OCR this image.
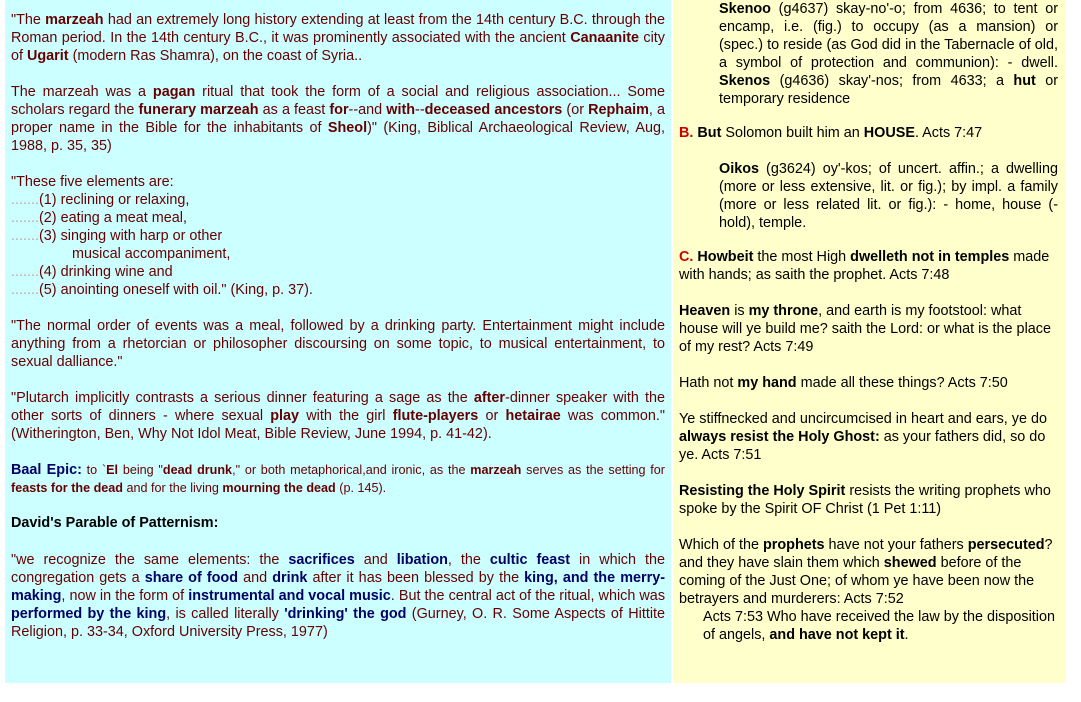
"The marzeah had an extremely long history extending at least from the 14th century B.C. through the Roman period. In the 14th century B.C., it was prominently associated with the ancient Canaanite city of Ugarit (modern Ras Shamra), on the coast of Syria..

The marzeah was a pagan ritual that took the form of a social and religious association... Some scholars regard the funerary marzeah as a feast for--and with--deceased ancestors (or Rephaim, a proper name in the Bible for the inhabitants of Sheol)" (King, Biblical Archaeological Review, Aug, 1988, p. 35, 35)

"These five elements are:

.......(1) reclining or relaxing,

.......(2) eating a meat meal,

.......(3) singing with harp or other

musical accompaniment,

.......(4) drinking wine and

.......(5) anointing oneself with oil." (King, p. 37).

"The normal order of events was a meal, followed by a drinking party. Entertainment might include anything from a rhetorcian or philosopher discoursing on some topic, to musical entertainment, to sexual dalliance."

"Plutarch implicitly contrasts a serious dinner featuring a sage as the after-dinner speaker with the other sorts of dinners - where sexual play with the girl flute-players or hetairae was common." (Witherington, Ben, Why Not Idol Meat, Bible Review, June 1994, p. 41-42).

Baal Epic: to `El being "dead drunk," or both metaphorical,and ironic, as the marzeah serves as the setting for feasts for the dead and for the living mourning the dead (p. 145).

David's Parable of Patternism:

"we recognize the same elements: the sacrifices and libation, the cultic feast in which the congregation gets a share of food and drink after it has been blessed by the king, and the merry-making, now in the form of instrumental and vocal music. But the central act of the ritual, which was performed by the king, is called literally 'drinking' the god (Gurney, O. R. Some Aspects of Hittite Religion, p. 33-34, Oxford University Press, 1977)

Skenoo (g4637) skay-no'-o; from 4636; to tent or encamp, i.e. (fig.) to occupy (as a mansion) or (spec.) to reside (as God did in the Tabernacle of old, a symbol of protection and communion): - dwell. Skenos (g4636) skay'-nos; from 4633; a hut or temporary residence

B. But Solomon built him an HOUSE. Acts 7:47

Oikos (g3624) oy'-kos; of uncert. affin.; a dwelling (more or less extensive, lit. or fig.); by impl. a family (more or less related lit. or fig.): - home, house (-hold), temple.

C. Howbeit the most High dwelleth not in temples made with hands; as saith the prophet. Acts 7:48

Heaven is my throne, and earth is my footstool: what house will ye build me? saith the Lord: or what is the place of my rest? Acts 7:49

Hath not my hand made all these things? Acts 7:50

Ye stiffnecked and uncircumcised in heart and ears, ye do always resist the Holy Ghost: as your fathers did, so do ye. Acts 7:51

Resisting the Holy Spirit resists the writing prophets who spoke by the Spirit OF Christ (1 Pet 1:11)

Which of the prophets have not your fathers persecuted? and they have slain them which shewed before of the coming of the Just One; of whom ye have been now the betrayers and murderers: Acts 7:52

Acts 7:53 Who have received the law by the disposition of angels, and have not kept it.
